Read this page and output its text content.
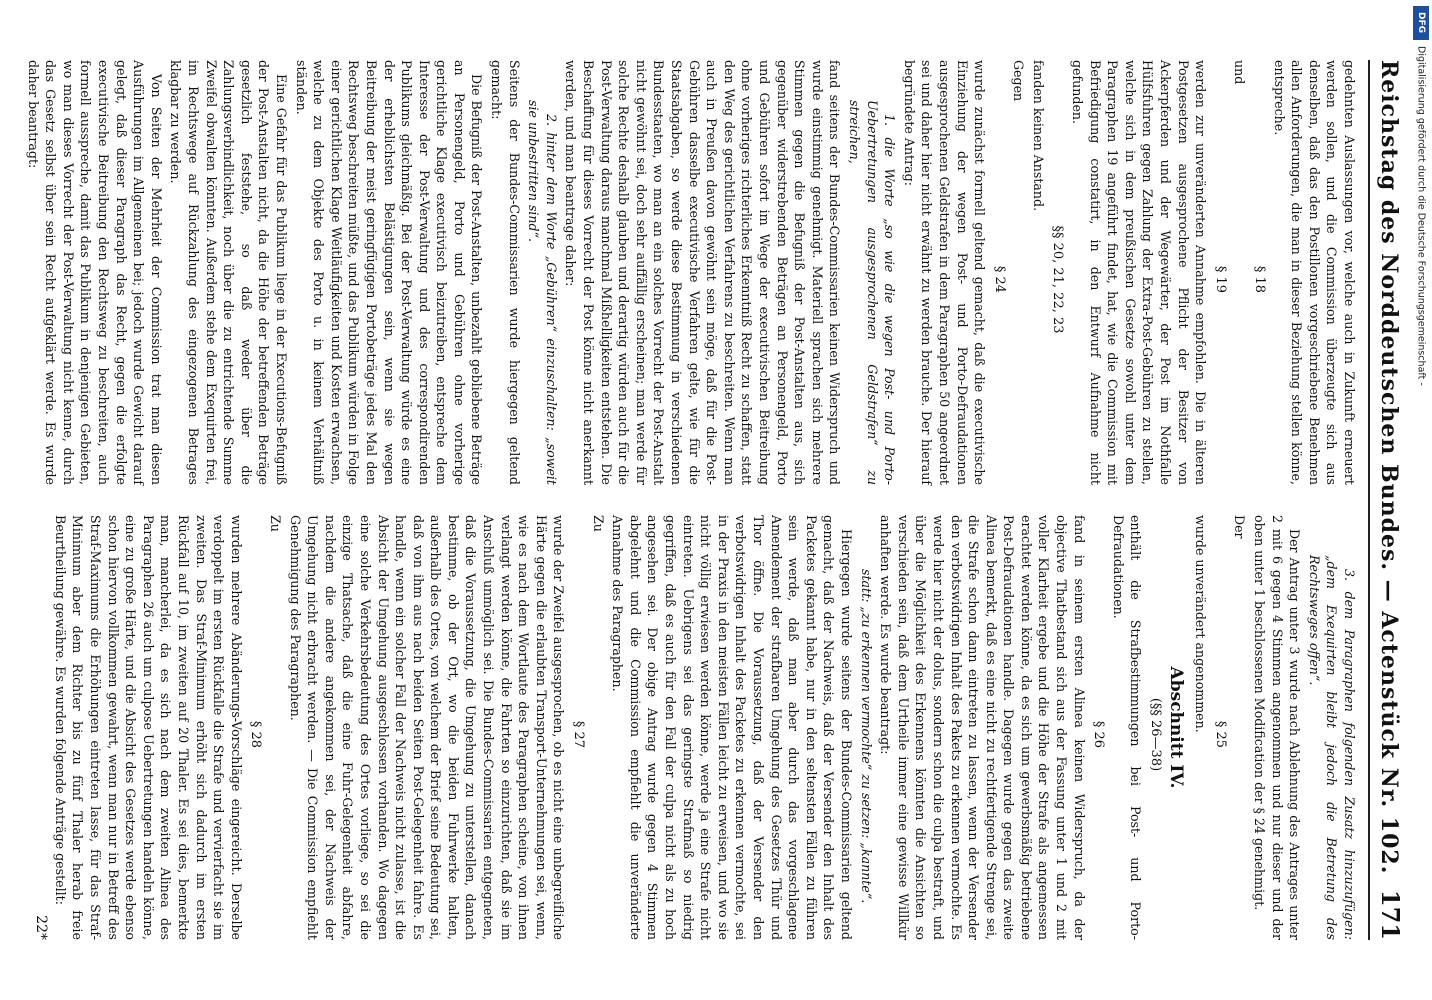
Reichstag des Norddeutschen Bundes. — Actenstück Nr. 102.
171

gedehnten Auslassungen vor, welche auch in Zukunft erneuert werden sollen, und die Commission überzeugte sich aus denselben, daß das den Postillonen vorgeschriebene Benehmen allen Anforderungen, die man in dieser Beziehung stellen könne, entspreche.

§ 18

und

§ 19

werden zur unveränderten Annahme empfohlen. Die in älteren Postgesetzen ausgesprochene Pflicht der Besitzer von Ackerpferden und der Wegewärter, der Post im Nothfalle Hülfsfuhren gegen Zahlung der Extra-Post-Gebühren zu stellen, welche sich in dem preußischen Gesetze sowohl unter dem Paragraphen 19 angeführt findet, hat, wie die Commission mit Befriedigung constatirt, in den Entwurf Aufnahme nicht gefunden.

§§ 20, 21, 22, 23

fanden keinen Anstand.

Gegen

§ 24

wurde zunächst formell geltend gemacht, daß die executivische Einziehung der wegen Post- und Porto-Defraudationen ausgesprochenen Geldstrafen in dem Paragraphen 50 angeordnet sei und daher hier nicht erwähnt zu werden brauche. Der hierauf begründete Antrag:

1. die Worte „so wie die wegen Post- und Porto-Uebertretungen ausgesprochenen Geldstrafen“ zu streichen,

fand seitens der Bundes-Commissarien keinen Widerspruch und wurde einstimmig genehmigt. Materiell sprachen sich mehrere Stimmen gegen die Befugniß der Post-Anstalten aus, sich gegenüber widerstrebenden Beträgen an Personengeld, Porto und Gebühren sofort im Wege der executivischen Beitreibung ohne vorheriges richterliches Erkenntniß Recht zu schaffen, statt den Weg des gerichtlichen Verfahrens zu beschreiten. Wenn man auch in Preußen davon gewöhnt sein möge, daß für die Post-Gebühren dasselbe executivische Verfahren gelte, wie für die Staatsabgaben, so werde diese Bestimmung in verschiedenen Bundesstaaten, wo man an ein solches Vorrecht der Post-Anstalt nicht gewöhnt sei, doch sehr auffällig erscheinen; man werde für solche Rechte deshalb glauben und derartig würden auch für die Post-Verwaltung daraus manchmal Mißhelligkeiten entstehen. Die Beschaffung für dieses Vorrecht der Post könne nicht anerkannt werden, und man beantrage daher:

2. hinter dem Worte „Gebühren“ einzuschalten: „soweit sie unbestritten sind“.

Seitens der Bundes-Commissarien wurde hiergegen geltend gemacht:

Die Befugniß der Post-Anstalten, unbezahlt gebliebene Beträge an Personengeld, Porto und Gebühren ohne vorherige gerichtliche Klage executivisch beizutreiben, entspreche dem Interesse der Post-Verwaltung und des correspondirenden Publikums gleichmäßig. Bei der Post-Verwaltung würde es eine der erheblichsten Belästigungen sein, wenn sie wegen Beitreibung der meist geringfügigen Portobeträge jedes Mal den Rechtsweg beschreiten müßte, und das Publikum würden in Folge einer gerichtlichen Klage Weitläufigkeiten und Kosten erwachsen, welche zu dem Objekte des Porto u. in keinem Verhältniß ständen.

Eine Gefahr für das Publikum liege in der Executions-Befugniß der Post-Anstalten nicht, da die Höhe der betreffenden Beträge gesetzlich feststehe, so daß weder über die Zahlungsverbindlichkeit, noch über die zu entrichtende Summe Zweifel obwalten könnten. Außerdem stehe dem Exequirten frei, im Rechtswege auf Rückzahlung des eingezogenen Betrages klagbar zu werden.

Von Seiten der Mehrheit der Commission trat man diesen Ausführungen im Allgemeinen bei; jedoch wurde Gewicht darauf gelegt, daß dieser Paragraph das Recht, gegen die erfolgte executivische Beitreibung den Rechtsweg zu beschreiten, auch formell ausspreche, damit das Publikum in denjenigen Gebieten, wo man dieses Vorrecht der Post-Verwaltung nicht kenne, durch das Gesetz selbst über sein Recht aufgeklärt werde. Es wurde daher beantragt:

3. dem Paragraphen folgenden Zusatz hinzuzufügen: „dem Exequirten bleibt jedoch die Betretung des Rechtsweges offen“.

Der Antrag unter 3 wurde nach Ablehnung des Antrages unter 2 mit 6 gegen 4 Stimmen angenommen und nur dieser und der oben unter 1 beschlossenen Modification der § 24 genehmigt.

Der

§ 25

wurde unverändert angenommen.

Abschnitt IV.

(§§ 26—38)

enthält die Strafbestimmungen bei Post- und Porto-Defraudationen.

§ 26

fand in seinem ersten Alinea keinen Widerspruch, da der objective Thatbestand sich aus der Fassung unter 1 und 2 mit voller Klarheit ergebe und die Höhe der Strafe als angemessen erachtet werden könne, da es sich um gewerbsmäßig betriebene Post-Defraudationen handle. Dagegen wurde gegen das zweite Alinea bemerkt, daß es eine nicht zu rechtfertigende Strenge sei, die Strafe schon dann eintreten zu lassen, wenn der Versender den verbotswidrigen Inhalt des Pakets zu erkennen vermochte. Es werde hier nicht der dolus, sondern schon die culpa bestraft, und über die Möglichkeit des Erkennens könnten die Ansichten so verschieden sein, daß dem Urtheile immer eine gewisse Willkür anhaften werde. Es wurde beantragt:

statt: „zu erkennen vermochte“ zu setzen: „kannte“.

Hiergegen wurde seitens der Bundes-Commissarien geltend gemacht, daß der Nachweis, daß der Versender den Inhalt des Packetes gekannt habe, nur in den seltensten Fällen zu führen sein werde, daß man aber durch das vorgeschlagene Amendement der strafbaren Umgehung des Gesetzes Thür und Thor öffne. Die Voraussetzung, daß der Versender den verbotswidrigen Inhalt des Packetes zu erkennen vermochte, sei in der Praxis in den meisten Fällen leicht zu erweisen, und wo sie nicht völlig erwiesen werden könne, werde ja eine Strafe nicht eintreten. Uebrigens sei das geringste Strafmaß so niedrig gegriffen, daß es auch für den Fall der culpa nicht als zu hoch angesehen sei. Der obige Antrag wurde gegen 4 Stimmen abgelehnt und die Commission empfiehlt die unveränderte Annahme des Paragraphen.

Zu

§ 27

wurde der Zweifel ausgesprochen, ob es nicht eine unbegreifliche Härte gegen die erlaubten Transport-Unternehmungen sei, wenn, wie es nach dem Wortlaute des Paragraphen scheine, von ihnen verlangt werden könne, die Fahrten so einzurichten, daß sie im Anschluß unmöglich sei. Die Bundes-Commissarien entgegneten, daß die Voraussetzung, die Umgehung zu unterstellen, danach bestimme, ob der Ort, wo die beiden Fuhrwerke halten, außerhalb des Ortes, von welchem der Brief seine Bedeutung sei, daß von ihm aus nach beiden Seiten Post-Gelegenheit fahre. Es handle, wenn ein solcher Fall der Nachweis nicht zulasse, ist die Absicht der Umgehung ausgeschlossen vorhanden. Wo dagegen eine solche Verkehrsbedeutung des Ortes vorliege, so sei die einzige Thatsache, daß die eine Fuhr-Gelegenheit abfahre, nachdem die andere angekommen sei, der Nachweis der Umgehung nicht erbracht werden. — Die Commission empfiehlt Genehmigung des Paragraphen.

Zu

§ 28

wurden mehrere Abänderungs-Vorschläge eingereicht. Derselbe verdoppelt im ersten Rückfalle die Strafe und vervierfacht sie im zweiten. Das Straf-Minimum erhöht sich dadurch im ersten Rückfall auf 10, im zweiten auf 20 Thaler. Es sei dies, bemerkte man, mancherlei, da es sich nach dem zweiten Alinea des Paragraphen 26 auch um culpose Uebertretungen handeln könne, eine zu große Härte, und die Absicht des Gesetzes werde ebenso schon hiervon vollkommen gewahrt, wenn man nur in Betreff des Straf-Maximums die Erhöhungen eintreten lasse, für das Straf-Minimum aber dem Richter bis zu fünf Thaler herab freie Beurtheilung gewähre. Es wurden folgende Anträge gestellt:

22*

DFG
Digitalisierung gefördert durch die Deutsche Forschungsgemeinschaft -
